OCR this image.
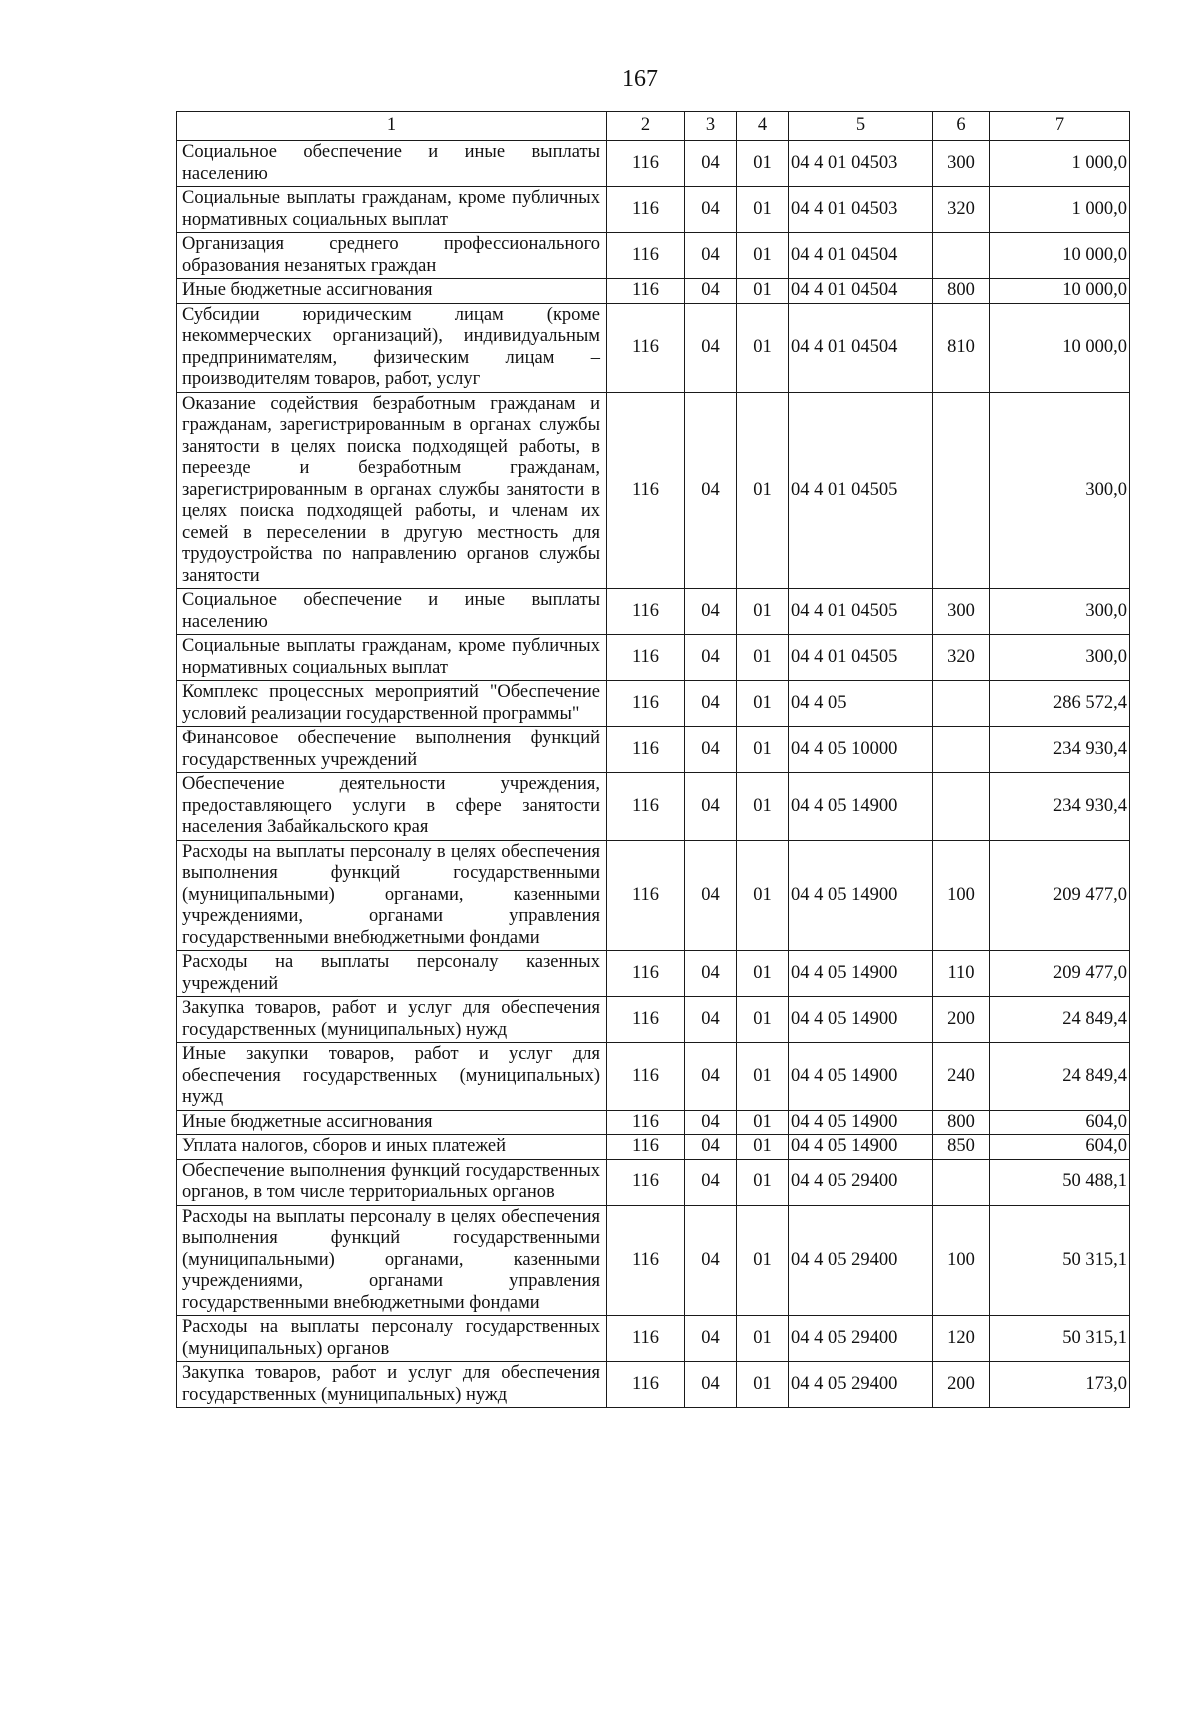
167
1	2	3	4	5	6	7
Социальное обеспечение и иные выплаты населению	116	04	01	04 4 01 04503	300	1 000,0
Социальные выплаты гражданам, кроме публичных нормативных социальных выплат	116	04	01	04 4 01 04503	320	1 000,0
Организация среднего профессионального образования незанятых граждан	116	04	01	04 4 01 04504		10 000,0
Иные бюджетные ассигнования	116	04	01	04 4 01 04504	800	10 000,0
Субсидии юридическим лицам (кроме некоммерческих организаций), индивидуальным предпринимателям, физическим лицам – производителям товаров, работ, услуг	116	04	01	04 4 01 04504	810	10 000,0
Оказание содействия безработным гражданам и гражданам, зарегистрированным в органах службы занятости в целях поиска подходящей работы, в переезде и безработным гражданам, зарегистрированным в органах службы занятости в целях поиска подходящей работы, и членам их семей в переселении в другую местность для трудоустройства по направлению органов службы занятости	116	04	01	04 4 01 04505		300,0
Социальное обеспечение и иные выплаты населению	116	04	01	04 4 01 04505	300	300,0
Социальные выплаты гражданам, кроме публичных нормативных социальных выплат	116	04	01	04 4 01 04505	320	300,0
Комплекс процессных мероприятий "Обеспечение условий реализации государственной программы"	116	04	01	04 4 05		286 572,4
Финансовое обеспечение выполнения функций государственных учреждений	116	04	01	04 4 05 10000		234 930,4
Обеспечение деятельности учреждения, предоставляющего услуги в сфере занятости населения Забайкальского края	116	04	01	04 4 05 14900		234 930,4
Расходы на выплаты персоналу в целях обеспечения выполнения функций государственными (муниципальными) органами, казенными учреждениями, органами управления государственными внебюджетными фондами	116	04	01	04 4 05 14900	100	209 477,0
Расходы на выплаты персоналу казенных учреждений	116	04	01	04 4 05 14900	110	209 477,0
Закупка товаров, работ и услуг для обеспечения государственных (муниципальных) нужд	116	04	01	04 4 05 14900	200	24 849,4
Иные закупки товаров, работ и услуг для обеспечения государственных (муниципальных) нужд	116	04	01	04 4 05 14900	240	24 849,4
Иные бюджетные ассигнования	116	04	01	04 4 05 14900	800	604,0
Уплата налогов, сборов и иных платежей	116	04	01	04 4 05 14900	850	604,0
Обеспечение выполнения функций государственных органов, в том числе территориальных органов	116	04	01	04 4 05 29400		50 488,1
Расходы на выплаты персоналу в целях обеспечения выполнения функций государственными (муниципальными) органами, казенными учреждениями, органами управления государственными внебюджетными фондами	116	04	01	04 4 05 29400	100	50 315,1
Расходы на выплаты персоналу государственных (муниципальных) органов	116	04	01	04 4 05 29400	120	50 315,1
Закупка товаров, работ и услуг для обеспечения государственных (муниципальных) нужд	116	04	01	04 4 05 29400	200	173,0
